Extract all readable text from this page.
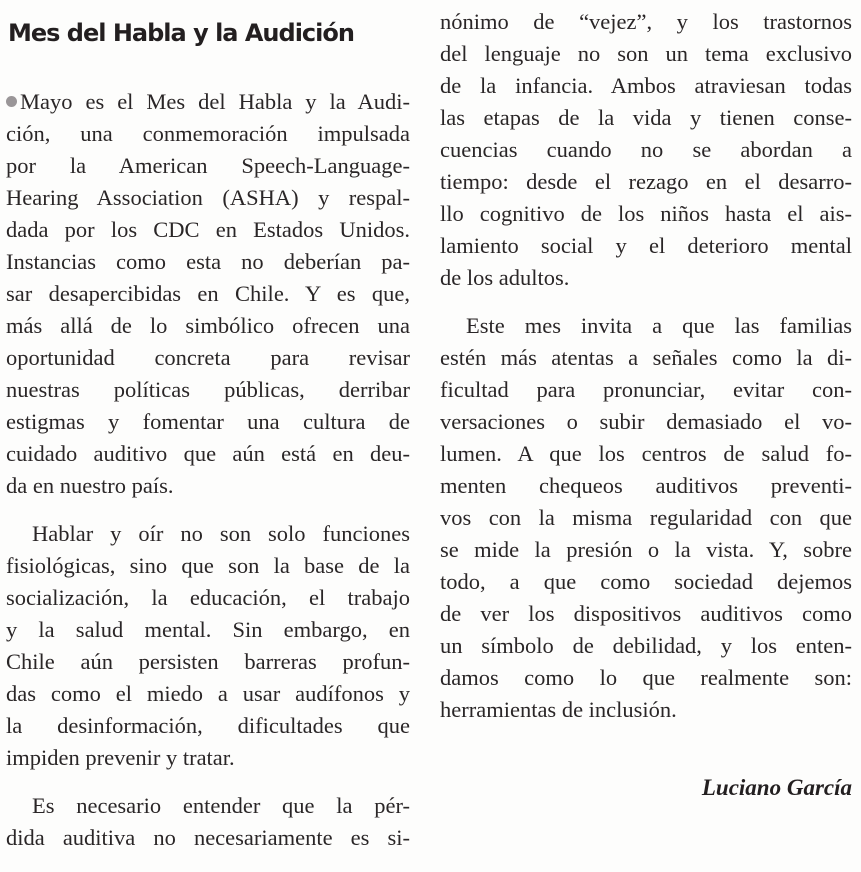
Mes del Habla y la Audición
Mayo es el Mes del Habla y la Audi-
ción, una conmemoración impulsada
por la American Speech-Language-
Hearing Association (ASHA) y respal-
dada por los CDC en Estados Unidos.
Instancias como esta no deberían pa-
sar desapercibidas en Chile. Y es que,
más allá de lo simbólico ofrecen una
oportunidad concreta para revisar
nuestras políticas públicas, derribar
estigmas y fomentar una cultura de
cuidado auditivo que aún está en deu-
da en nuestro país.
Hablar y oír no son solo funciones
fisiológicas, sino que son la base de la
socialización, la educación, el trabajo
y la salud mental. Sin embargo, en
Chile aún persisten barreras profun-
das como el miedo a usar audífonos y
la desinformación, dificultades que
impiden prevenir y tratar.
Es necesario entender que la pér-
dida auditiva no necesariamente es si-
nónimo de “vejez”, y los trastornos
del lenguaje no son un tema exclusivo
de la infancia. Ambos atraviesan todas
las etapas de la vida y tienen conse-
cuencias cuando no se abordan a
tiempo: desde el rezago en el desarro-
llo cognitivo de los niños hasta el ais-
lamiento social y el deterioro mental
de los adultos.
Este mes invita a que las familias
estén más atentas a señales como la di-
ficultad para pronunciar, evitar con-
versaciones o subir demasiado el vo-
lumen. A que los centros de salud fo-
menten chequeos auditivos preventi-
vos con la misma regularidad con que
se mide la presión o la vista. Y, sobre
todo, a que como sociedad dejemos
de ver los dispositivos auditivos como
un símbolo de debilidad, y los enten-
damos como lo que realmente son:
herramientas de inclusión.
Luciano García
